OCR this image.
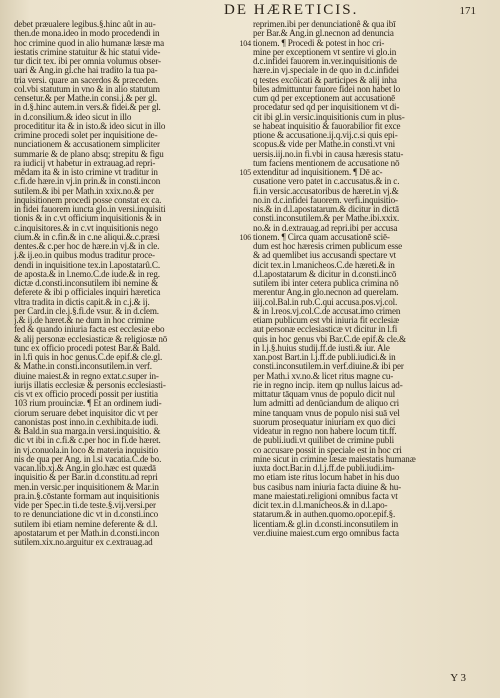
DE HÆRETICIS.	171
debet præualere legibus.§.hinc aût in au-
then.de mona.ideo in modo procedendi in
hoc crimine quod in alio humanæ læsæ ma
iestatis crimine statuitur & hic statui vide-
tur dicit tex. ibi per omnia volumus obser-
uari & Ang.in gl.che hai tradito la tua pa-
tria versi. quare an sacerdos & præceden.
col.vbi statutum in vno & in alio statutum
censetur.& per Mathe.in consi.j.& per gl.
in d.§.hinc autem.in vers.& fidei.& per gl.
in d.consilium.& ideo sicut in illo
procedititur ita & in isto.& ideo sicut in illo
crimine procedi solet per inquisitione de-
nunciationem & accusationem simpliciter
summarie & de plano absq; strepitu & figu
ra iudicij vt habetur in extrauag.ad repri-
mêdam ita & in isto crimine vt traditur in
c.fi.de hære.in vj.in prin.& in consti.incon
sutilem.& ibi per Math.in xxix.no.& per
inquisitionem procedi posse constat ex ca.
in fidei fauorem iuncta glo.in versi.inquisiti
tionis & in c.vt officium inquisitionis & in
c.inquisitores.& in c.vt inquisitionis nego
cium.& in c.fin.& in c.ne aliqui.&.c.præsi
dentes.& c.per hoc de hære.in vj.& in cle.
j.& ij.eo.in quibus modus traditur proce-
dendi in inquisitione tex.in l.apostatarû.C.
de aposta.& in l.nemo.C.de iude.& in reg.
dictæ d.consti.inconsutilem ibi nemine &
deferete & ibi p officiales inquiri hæretica
vltra tradita in dictis capit.& in c.j.& ij.
per Card.in cle.j.§.fi.de vsur. & in d.clem.
j.& ij.de hæret.& ne dum in hoc crimine
fed & quando iniuria facta est ecclesiæ ebo
& alij personæ ecclesiasticæ & religiosæ nō
tunc ex officio procedi potest Bar.& Bald.
in l.fi quis in hoc genus.C.de epif.& cle.gl.
& Mathe.in consti.inconsutilem.in verf.
diuine maiest.& in regno extat.c.super in-
iurijs illatis ecclesiæ & personis ecclesiasti-
cis vt ex officio procedi possit per iustitia
103 rium prouinciæ. ¶ Et an ordinem iudi-
ciorum seruare debet inquisitor dic vt per
canonistas post inno.in c.exhibita.de iudi.
& Bald.in sua marga.in versi.inquisitio. &
dic vt ibi in c.fi.& c.per hoc in fi.de hæret.
in vj.conuola.in loco & materia inquisitio
nis de qua per Ang. in l.si vacatia.C.de bo.
vacan.lib.xj.& Ang.in glo.hæc est quædā
inquisitio & per Bar.in d.constitu.ad repri
men.in versic.per inquisitionem & Mar.in
pra.in.§.cōstante formam aut inquisitionis
vide per Spec.in ti.de teste.§.vij.versi.per
to re denunciatione dic vt in d.consti.inco
sutilem ibi etiam nemine deferente & d.l.
apostatarum et per Math.in d.consti.incon
sutilem.xix.no.arguitur ex c.extrauag.ad
reprimen.ibi per denunciationê & qua ibī
per Bar.& Ang.in gl.necnon ad denuncia
104 tionem. ¶ Procedi & potest in hoc cri-
mine per exceptionem vt sentire vi glo.in
d.c.infidei fauorem in.ver.inquisitionis de
hære.in vj.speciale in de quo in d.c.infidei
q testes excōicati & participes & alij inha
biles admittuntur fauore fidei non habet lo
cum qd per exceptionem aut accusationē
procedatur sed qd per inquisitionem vt di-
cit ibi gl.in versic.inquisitionis cum in plus-
se habeat inquisitio & fauorabilior fit exce
ptione & accusatione.ij.q.vij.c.si quis epi-
scopus.& vide per Mathe.in consti.vt vni
uersis.iij.no.in fi.vbi in causa hæresis statu-
tum faciens mentionem de accusatione nō
105 extenditur ad inquisitionem. ¶ Dē ac-
cusatione vero patet in c.accusatus.& in c.
fi.in versic.accusatoribus de hæret.in vj.&
no.in d.c.infidei fauorem. verfi.inquisitio-
nis.& in d.l.apostatarum.& dicitur in dictā
consti.inconsutilem.& per Mathe.ibi.xxix.
no.& in d.extrauag.ad repri.ibi per accusa
106 tionem. ¶ Circa quam accusationē sciē-
dum est hoc hæresis crimen publicum esse
& ad quemlibet ius accusandi spectare vt
dicit tex.in l.manicheos.C.de hæreti.& in
d.l.apostatarum & dicitur in d.consti.incō
sutilem ibi inter cetera publica crimina nō
merentur Ang.in glo.necnon ad querelam.
iiij.col.Bal.in rub.C.qui accusa.pos.vj.col.
& in l.reos.vj.col.C.de accusat.imo crimen
etiam publicum est vbi iniuria fit ecclesiæ
aut personæ ecclesiasticæ vt dicitur in l.fi
quis in hoc genus vbi Bar.C.de epif.& cle.&
in l.j.§.huius studij.ff.de iusti.& iur. Ale
xan.post Bart.in l.j.ff.de publi.iudici.& in
consti.inconsutilem.in verf.diuine.& ibi per
per Math.i xv.no.& licet ritus magne cu-
rie in regno incip. item qp nullus laicus ad-
mittatur tāquam vnus de populo dicit nul
lum admitti ad denūciandum de aliquo cri
mine tanquam vnus de populo nisi suā vel
suorum prosequatur iniuriam ex quo dici
videatur in regno non habere locum tit.ff.
de publi.iudi.vt quilibet de crimine publi
co accusare possit in speciale est in hoc cri
mine sicut in crimine læsæ maiestatis humanæ
iuxta doct.Bar.in d.l.j.ff.de publi.iudi.im-
mo etiam iste ritus locum habet in his duo
bus casibus nam iniuria facta diuine & hu-
mane maiestati.religioni omnibus facta vt
dicit tex.in d.l.manicheos.& in d.l.apo-
statarum.& in authen.quomo.opor.epif.§.
licentiam.& gl.in d.consti.inconsutilem in
ver.diuine maiest.cum ergo omnibus facta
Y 3
